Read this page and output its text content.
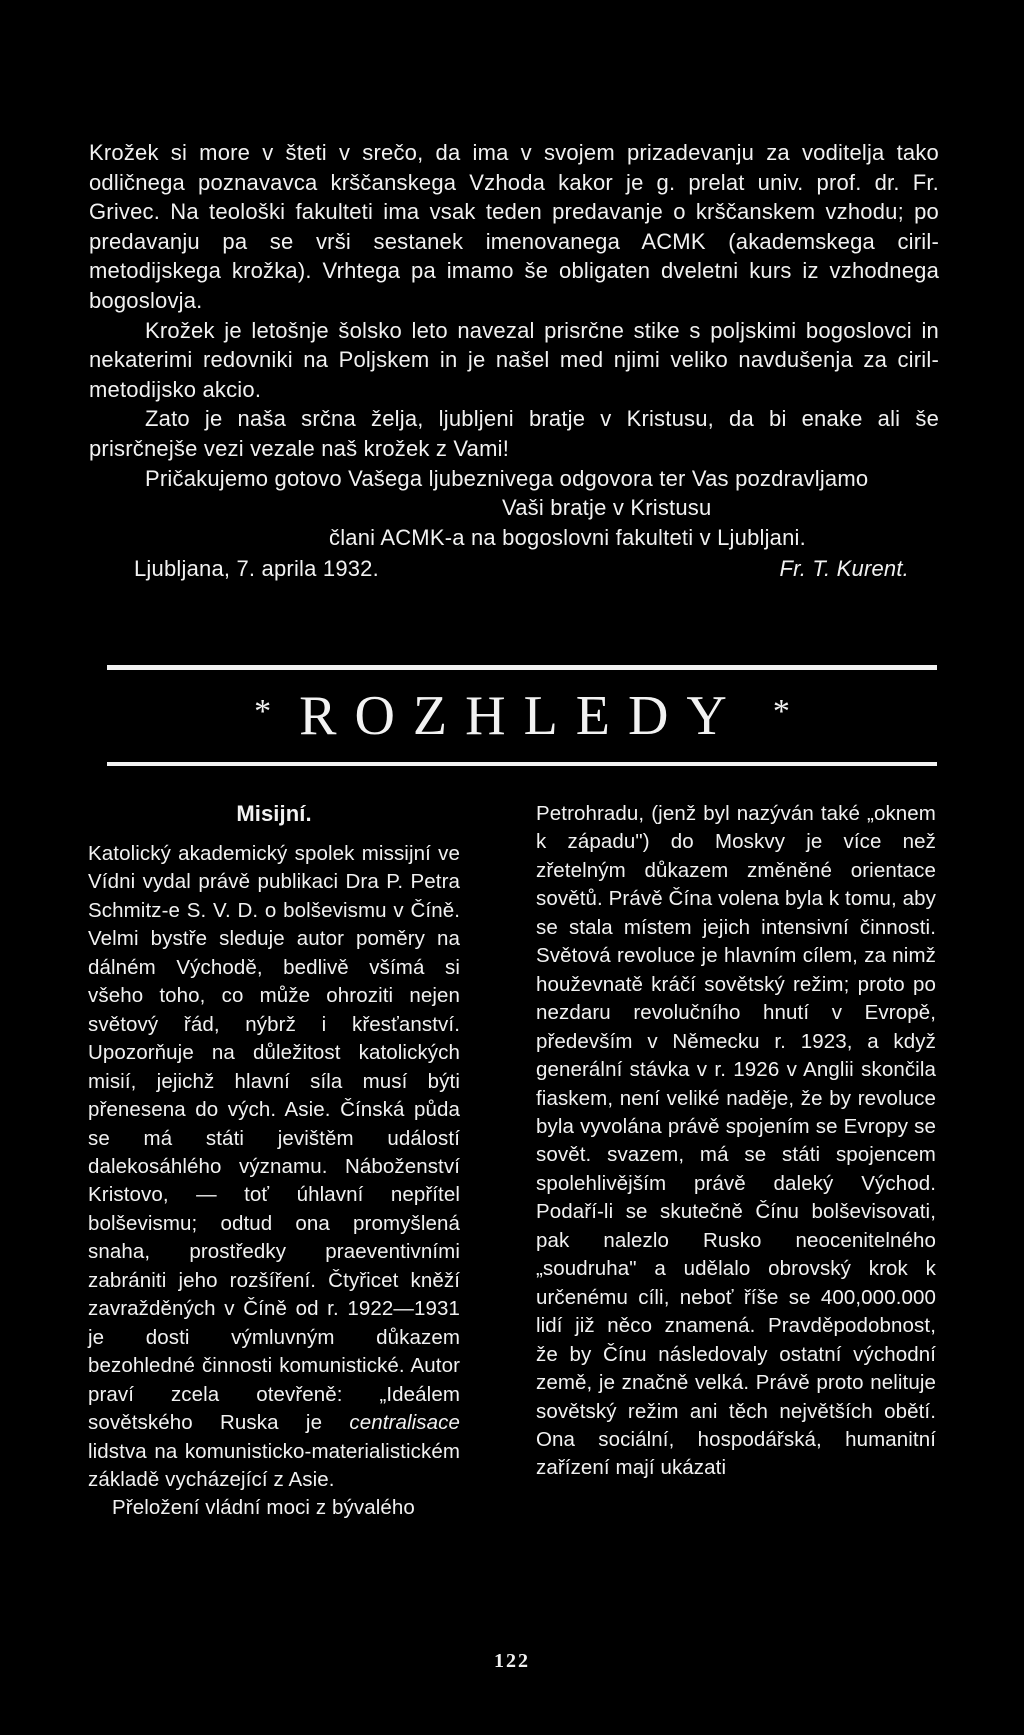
Krožek si more v šteti v srečo, da ima v svojem prizadevanju za voditelja tako odličnega poznavavca krščanskega Vzhoda kakor je g. prelat univ. prof. dr. Fr. Grivec. Na teološki fakulteti ima vsak teden predavanje o krščanskem vzhodu; po predavanju pa se vrši sestanek imenovanega ACMK (akademskega ciril-metodijskega krožka). Vrhtega pa imamo še obligaten dveletni kurs iz vzhodnega bogoslovja.

Krožek je letošnje šolsko leto navezal prisrčne stike s poljskimi bogoslovci in nekaterimi redovniki na Poljskem in je našel med njimi veliko navdušenja za ciril-metodijsko akcio.

Zato je naša srčna želja, ljubljeni bratje v Kristusu, da bi enake ali še prisrčnejše vezi vezale naš krožek z Vami!

Pričakujemo gotovo Vašega ljubeznivega odgovora ter Vas pozdravljamo

Vaši bratje v Kristusu

člani ACMK-a na bogoslovni fakulteti v Ljubljani.

Ljubljana, 7. aprila 1932.	Fr. T. Kurent.
* ROZHLEDY *
Misijní.

Katolický akademický spolek missijní ve Vídni vydal právě publikaci Dra P. Petra Schmitz-e S. V. D. o bolševismu v Číně. Velmi bystře sleduje autor poměry na dálném Východě, bedlivě všímá si všeho toho, co může ohroziti nejen světový řád, nýbrž i křesťanství. Upozorňuje na důležitost katolických misií, jejichž hlavní síla musí býti přenesena do vých. Asie. Čínská půda se má státi jevištěm událostí dalekosáhlého významu. Náboženství Kristovo, — toť úhlavní nepřítel bolševismu; odtud ona promyšlená snaha, prostředky praeventivními zabrániti jeho rozšíření. Čtyřicet kněží zavražděných v Číně od r. 1922—1931 je dosti výmluvným důkazem bezohledné činnosti komunistické. Autor praví zcela otevřeně: „Ideálem sovětského Ruska je centralisace lidstva na komunisticko-materialistickém základě vycházející z Asie.

Přeložení vládní moci z bývalého

Petrohradu, (jenž byl nazýván také „oknem k západu") do Moskvy je více než zřetelným důkazem změněné orientace sovětů. Právě Čína volena byla k tomu, aby se stala místem jejich intensivní činnosti. Světová revoluce je hlavním cílem, za nimž houževnatě kráčí sovětský režim; proto po nezdaru revolučního hnutí v Evropě, především v Německu r. 1923, a když generální stávka v r. 1926 v Anglii skončila fiaskem, není veliké naděje, že by revoluce byla vyvolána právě spojením se Evropy se sovět. svazem, má se státi spojencem spolehlivějším právě daleký Východ. Podaří-li se skutečně Čínu bolševisovati, pak nalezlo Rusko neocenitelného „soudruha" a udělalo obrovský krok k určenému cíli, neboť říše se 400,000.000 lidí již něco znamená. Pravděpodobnost, že by Čínu následovaly ostatní východní země, je značně velká. Právě proto nelituje sovětský režim ani těch největších obětí. Ona sociální, hospodářská, humanitní zařízení mají ukázati

122
